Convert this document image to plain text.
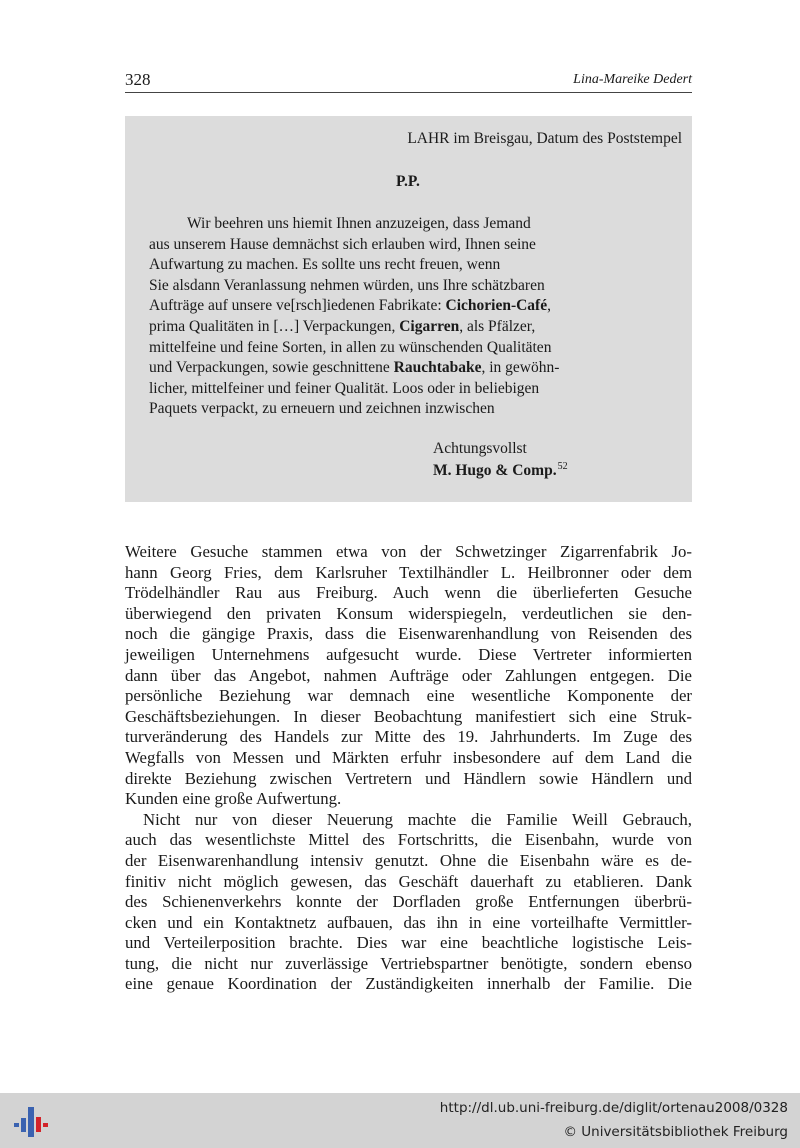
328	Lina-Mareike Dedert
LAHR im Breisgau, Datum des Poststempel
P.P.
Wir beehren uns hiemit Ihnen anzuzeigen, dass Jemand
aus unserem Hause demnächst sich erlauben wird, Ihnen seine
Aufwartung zu machen. Es sollte uns recht freuen, wenn
Sie alsdann Veranlassung nehmen würden, uns Ihre schätzbaren
Aufträge auf unsere ve[rsch]iedenen Fabrikate: Cichorien-Café,
prima Qualitäten in […] Verpackungen, Cigarren, als Pfälzer,
mittelfeine und feine Sorten, in allen zu wünschenden Qualitäten
und Verpackungen, sowie geschnittene Rauchtabake, in gewöhn-
licher, mittelfeiner und feiner Qualität. Loos oder in beliebigen
Paquets verpackt, zu erneuern und zeichnen inzwischen
Achtungsvollst
M. Hugo & Comp.$^{52}$
Weitere Gesuche stammen etwa von der Schwetzinger Zigarrenfabrik Jo-
hann Georg Fries, dem Karlsruher Textilhändler L. Heilbronner oder dem
Trödelhändler Rau aus Freiburg. Auch wenn die überlieferten Gesuche
überwiegend den privaten Konsum widerspiegeln, verdeutlichen sie den-
noch die gängige Praxis, dass die Eisenwarenhandlung von Reisenden des
jeweiligen Unternehmens aufgesucht wurde. Diese Vertreter informierten
dann über das Angebot, nahmen Aufträge oder Zahlungen entgegen. Die
persönliche Beziehung war demnach eine wesentliche Komponente der
Geschäftsbeziehungen. In dieser Beobachtung manifestiert sich eine Struk-
turveränderung des Handels zur Mitte des 19. Jahrhunderts. Im Zuge des
Wegfalls von Messen und Märkten erfuhr insbesondere auf dem Land die
direkte Beziehung zwischen Vertretern und Händlern sowie Händlern und
Kunden eine große Aufwertung.
Nicht nur von dieser Neuerung machte die Familie Weill Gebrauch,
auch das wesentlichste Mittel des Fortschritts, die Eisenbahn, wurde von
der Eisenwarenhandlung intensiv genutzt. Ohne die Eisenbahn wäre es de-
finitiv nicht möglich gewesen, das Geschäft dauerhaft zu etablieren. Dank
des Schienenverkehrs konnte der Dorfladen große Entfernungen überbrü-
cken und ein Kontaktnetz aufbauen, das ihn in eine vorteilhafte Vermittler-
und Verteilerposition brachte. Dies war eine beachtliche logistische Leis-
tung, die nicht nur zuverlässige Vertriebspartner benötigte, sondern ebenso
eine genaue Koordination der Zuständigkeiten innerhalb der Familie. Die
http://dl.ub.uni-freiburg.de/diglit/ortenau2008/0328
© Universitätsbibliothek Freiburg
